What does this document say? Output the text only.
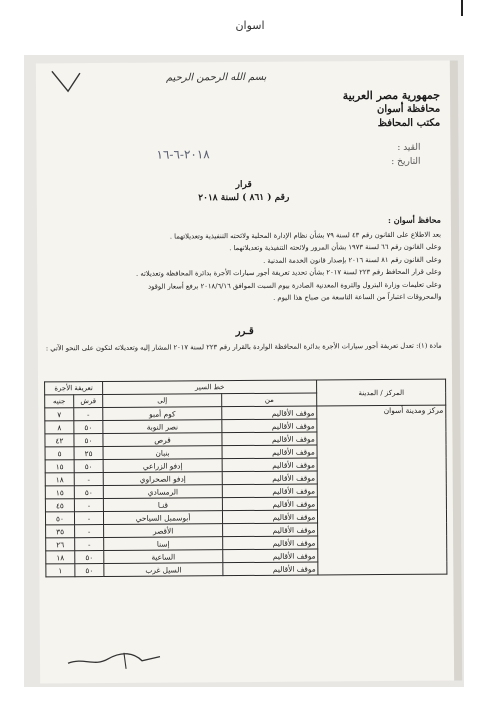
اسوان
بسم الله الرحمن الرحيم
جمهورية مصر العربية
محافظة أسوان
مكتب المحافظ
القيد :
التاريخ :
٢٠١٨-٦-١٦
قرار
رقم ( ٨٦١ ) لسنة ٢٠١٨
محافظ أسوان :
بعد الاطلاع على القانون رقم ٤٣ لسنة ٧٩ بشأن نظام الإدارة المحلية ولائحته التنفيذية وتعديلاتهما .
وعلى القانون رقم ٦٦ لسنة ١٩٧٣ بشأن المرور ولائحته التنفيذية وتعديلاتهما .
وعلى القانون رقم ٨١ لسنة ٢٠١٦ بإصدار قانون الخدمة المدنية .
وعلى قرار المحافظ رقم ٢٢٣ لسنة ٢٠١٧ بشأن تحديد تعريفة أجور سيارات الأجرة بدائرة المحافظة وتعديلاته .
وعلى تعليمات وزارة البترول والثروة المعدنية الصادرة بيوم السبت الموافق ٢٠١٨/٦/١٦ برفع أسعار الوقود
والمحروقات اعتباراً من الساعة التاسعة من صباح هذا اليوم .
قـرر
مادة (١): تعدل تعريفة أجور سيارات الأجرة بدائرة المحافظة الواردة بالقرار رقم ٢٢٣ لسنة ٢٠١٧ المشار إليه وتعديلاته لتكون على النحو الآتي :
المركز / المدينة	خط السير		تعريفة الأجرة	
	من	إلى	قرش	جنيه
مركز ومدينة أسوان	موقف الأقاليم	كوم أمبو	-	٧
	موقف الأقاليم	نصر النوبة	٥٠	٨
	موقف الأقاليم	قرص	٥٠	٤٢
	موقف الأقاليم	بنبان	٢٥	٥
	موقف الأقاليم	إدفو الزراعي	٥٠	١٥
	موقف الأقاليم	إدفو الصحراوي	-	١٨
	موقف الأقاليم	الرمسادي	٥٠	١٥
	موقف الأقاليم	قنـا	-	٤٥
	موقف الأقاليم	أبوسمبل السياحي	-	٥٠
	موقف الأقاليم	الأقصر	-	٣٥
	موقف الأقاليم	إسنا	-	٢٦
	موقف الأقاليم	الساعية	٥٠	١٨
	موقف الأقاليم	السيل غرب	٥٠	١
